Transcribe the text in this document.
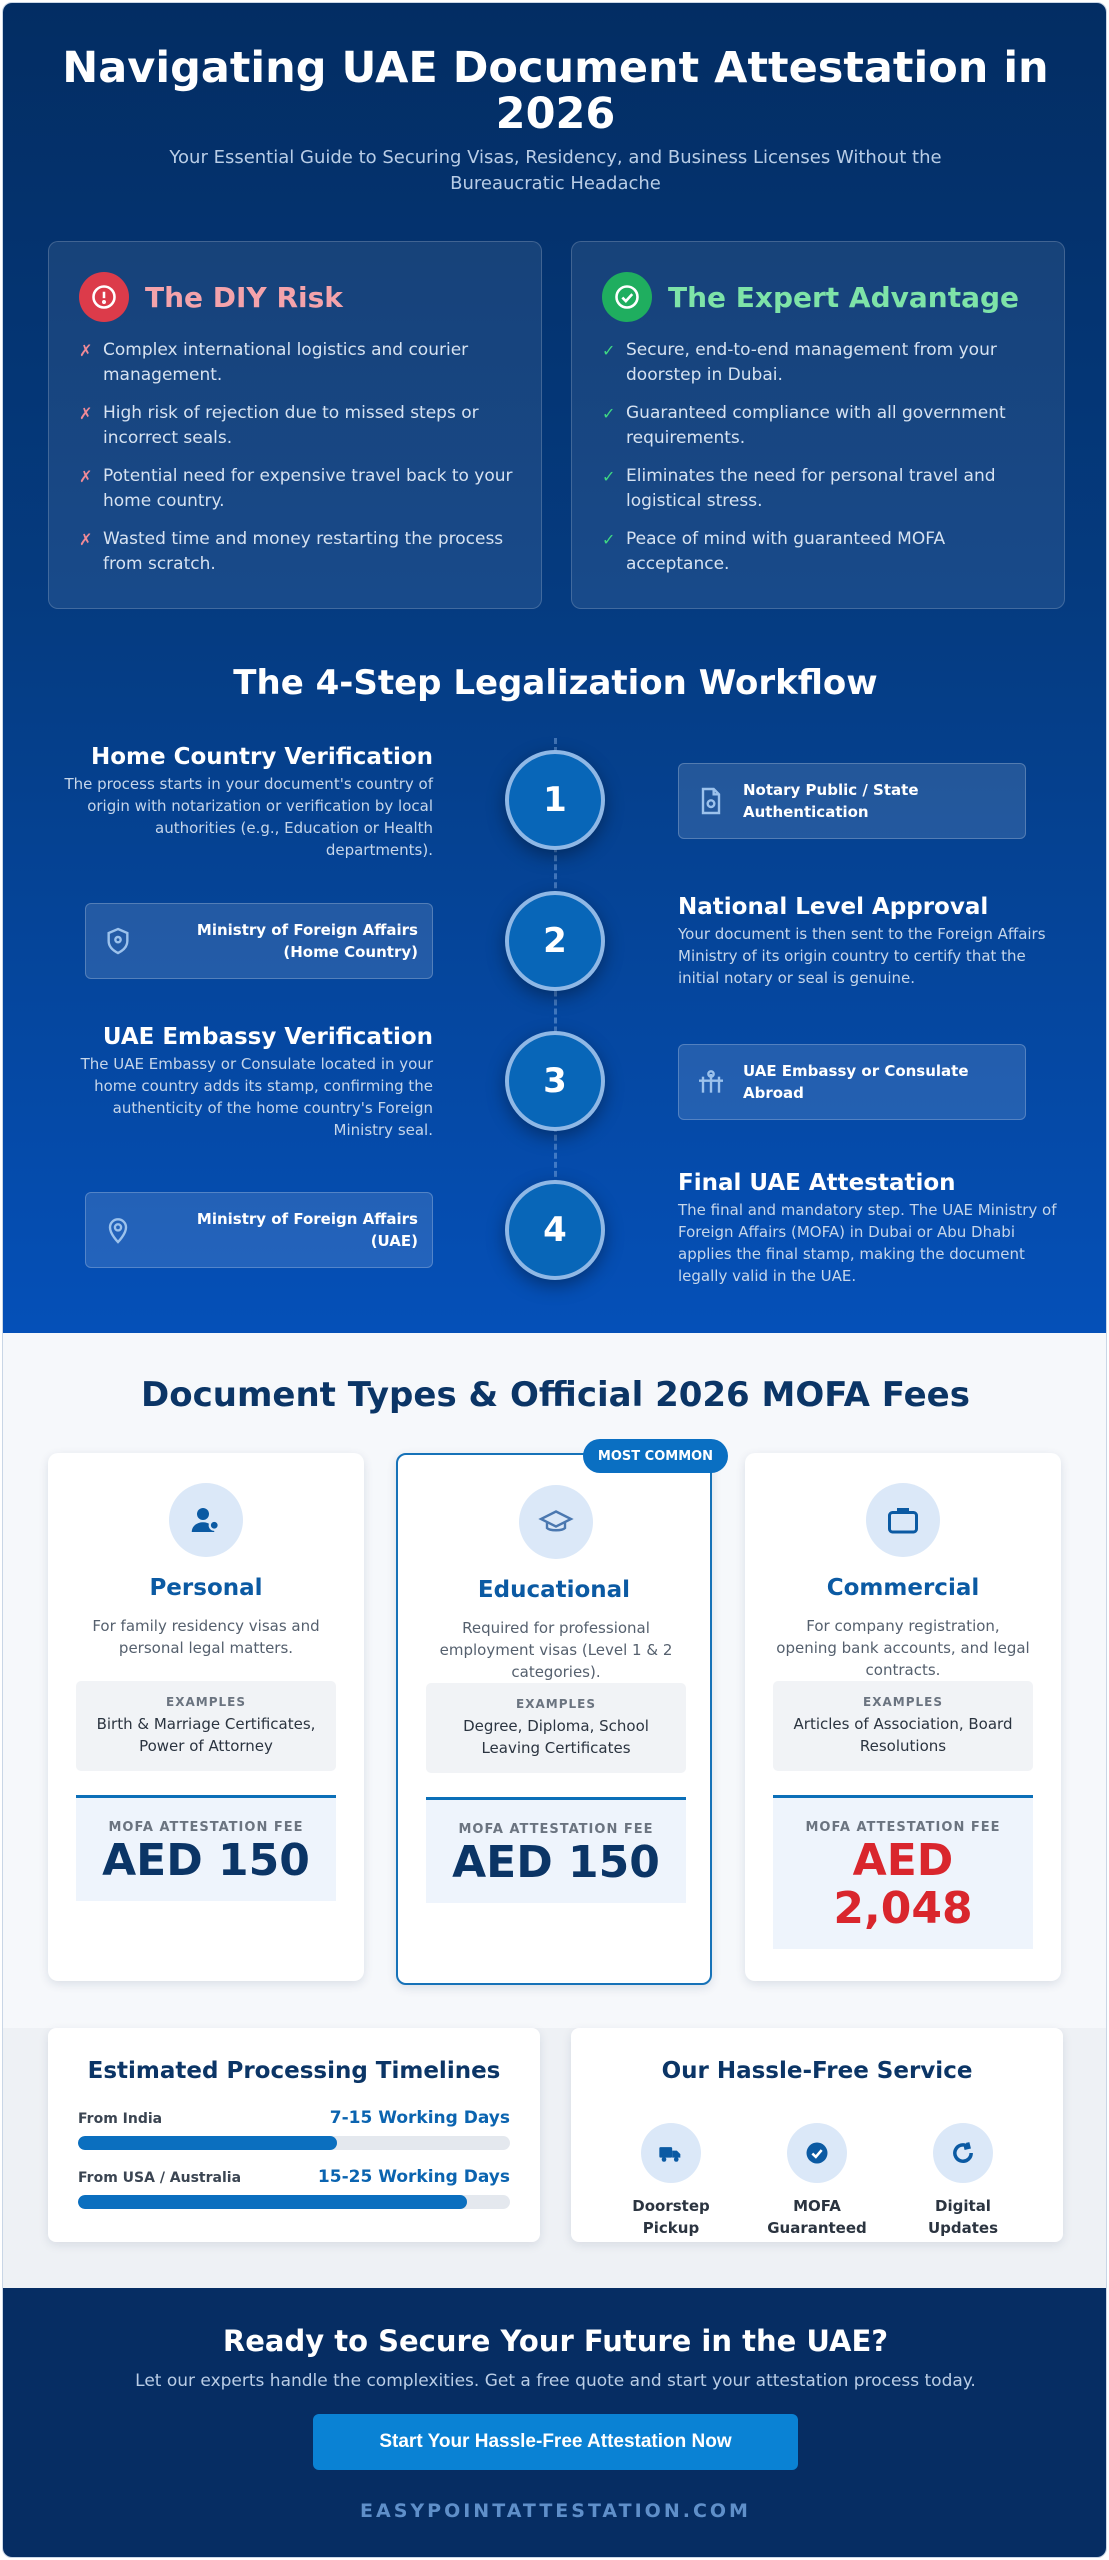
Navigating UAE Document Attestation in 2026

Your Essential Guide to Securing Visas, Residency, and Business Licenses Without the Bureaucratic Headache

The DIY Risk
✗ Complex international logistics and courier management.
✗ High risk of rejection due to missed steps or incorrect seals.
✗ Potential need for expensive travel back to your home country.
✗ Wasted time and money restarting the process from scratch.
The Expert Advantage
✓ Secure, end-to-end management from your doorstep in Dubai.
✓ Guaranteed compliance with all government requirements.
✓ Eliminates the need for personal travel and logistical stress.
✓ Peace of mind with guaranteed MOFA acceptance.
The 4-Step Legalization Workflow
Home Country Verification

The process starts in your document's country of origin with notarization or verification by local authorities (e.g., Education or Health departments).

1	Notary Public / State Authentication
Ministry of Foreign Affairs (Home Country)	2
National Level Approval

Your document is then sent to the Foreign Affairs Ministry of its origin country to certify that the initial notary or seal is genuine.

UAE Embassy Verification

The UAE Embassy or Consulate located in your home country adds its stamp, confirming the authenticity of the home country's Foreign Ministry seal.

3	UAE Embassy or Consulate Abroad
Ministry of Foreign Affairs (UAE)	4
Final UAE Attestation

The final and mandatory step. The UAE Ministry of Foreign Affairs (MOFA) in Dubai or Abu Dhabi applies the final stamp, making the document legally valid in the UAE.

Document Types & Official 2026 MOFA Fees
Personal
For family residency visas and personal legal matters.
EXAMPLES
Birth & Marriage Certificates, Power of Attorney
MOFA ATTESTATION FEE
AED 150
Educational
Required for professional employment visas (Level 1 & 2 categories).
EXAMPLES
Degree, Diploma, School Leaving Certificates
MOFA ATTESTATION FEE
AED 150
MOST COMMON
Commercial
For company registration, opening bank accounts, and legal contracts.
EXAMPLES
Articles of Association, Board Resolutions
MOFA ATTESTATION FEE
AED 2,048
Estimated Processing Timelines
From India	7-15 Working Days
From USA / Australia	15-25 Working Days
Our Hassle-Free Service
Doorstep Pickup
MOFA Guaranteed
Digital Updates
Ready to Secure Your Future in the UAE?

Let our experts handle the complexities. Get a free quote and start your attestation process today.

Start Your Hassle-Free Attestation Now
EASYPOINTATTESTATION.COM
